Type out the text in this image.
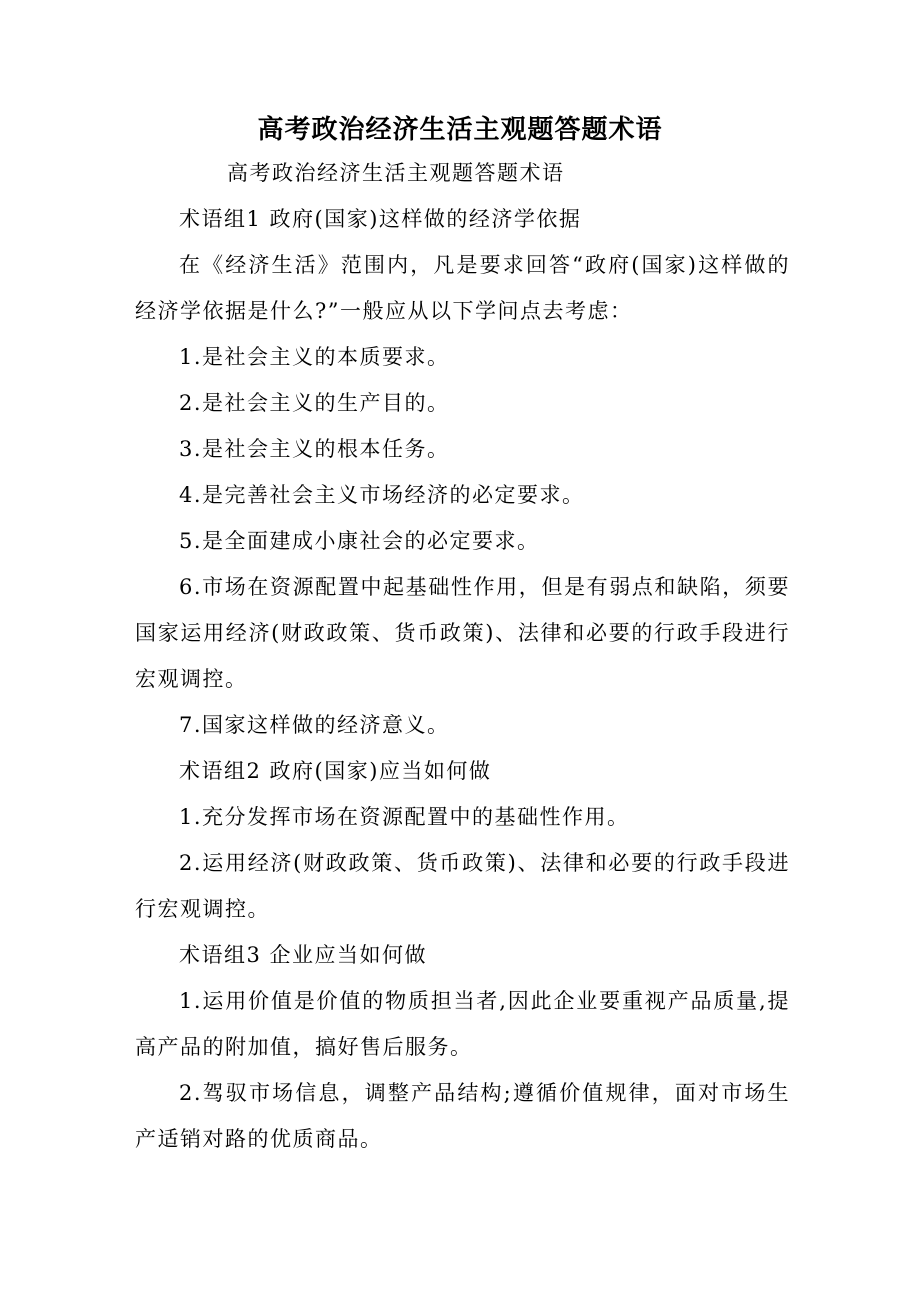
高考政治经济生活主观题答题术语

高考政治经济生活主观题答题术语

术语组1 政府(国家)这样做的经济学依据

在《经济生活》范围内，凡是要求回答“政府(国家)这样做的经济学依据是什么?”一般应从以下学问点去考虑：

1.是社会主义的本质要求。

2.是社会主义的生产目的。

3.是社会主义的根本任务。

4.是完善社会主义市场经济的必定要求。

5.是全面建成小康社会的必定要求。

6.市场在资源配置中起基础性作用，但是有弱点和缺陷，须要国家运用经济(财政政策、货币政策)、法律和必要的行政手段进行宏观调控。

7.国家这样做的经济意义。

术语组2 政府(国家)应当如何做

1.充分发挥市场在资源配置中的基础性作用。

2.运用经济(财政政策、货币政策)、法律和必要的行政手段进行宏观调控。

术语组3 企业应当如何做

1.运用价值是价值的物质担当者,因此企业要重视产品质量,提高产品的附加值，搞好售后服务。

2.驾驭市场信息，调整产品结构;遵循价值规律，面对市场生产适销对路的优质商品。
